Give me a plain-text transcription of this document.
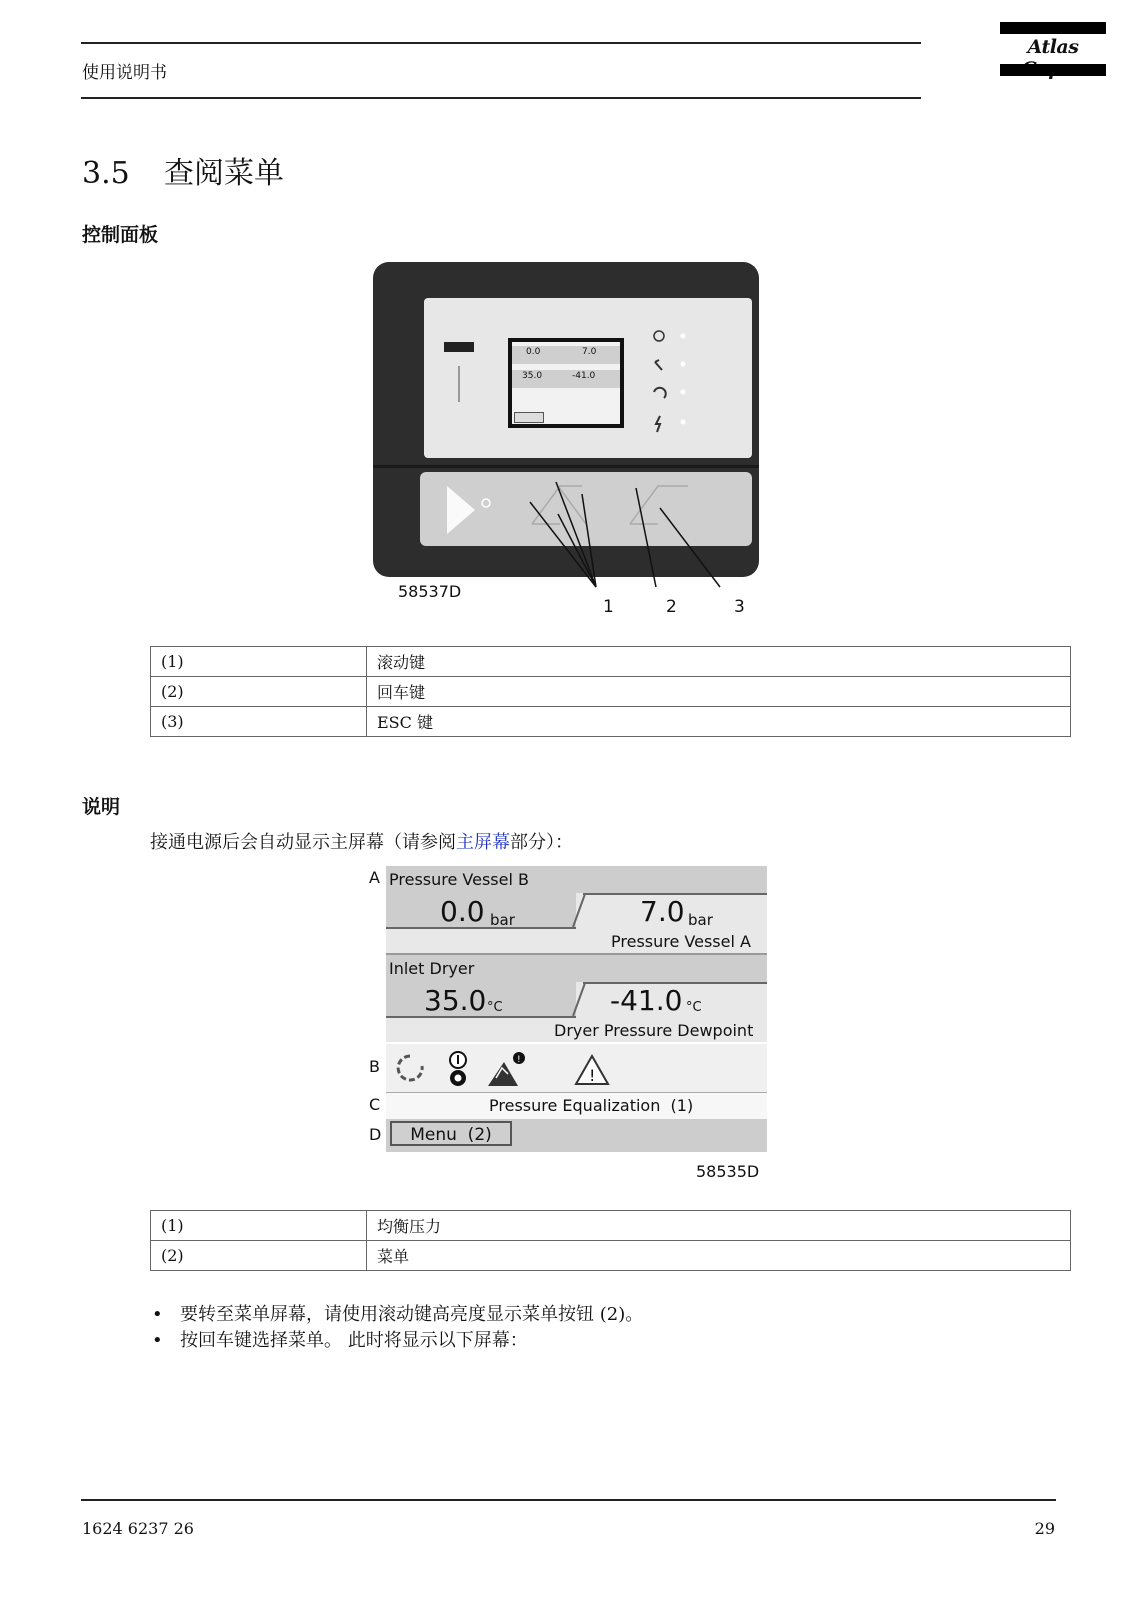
使用说明书
Atlas
3.5 查阅菜单
控制面板
0.0	7.0
35.0	-41.0
58537D
1	2	3
(1)	滚动键
(2)	回车键
(3)	ESC 键
说明
接通电源后会自动显示主屏幕（请参阅主屏幕部分）：
Pressure Vessel B
0.0 bar	7.0 bar
Pressure Vessel A
Inlet Dryer
35.0 °C	-41.0 °C
Dryer Pressure Dewpoint
!
!
Pressure Equalization  (1)
Menu  (2)
A
B
C
D
58535D
(1)	均衡压力
(2)	菜单
• 要转至菜单屏幕，请使用滚动键高亮度显示菜单按钮 (2)。
• 按回车键选择菜单。 此时将显示以下屏幕：
1624 6237 26	29
